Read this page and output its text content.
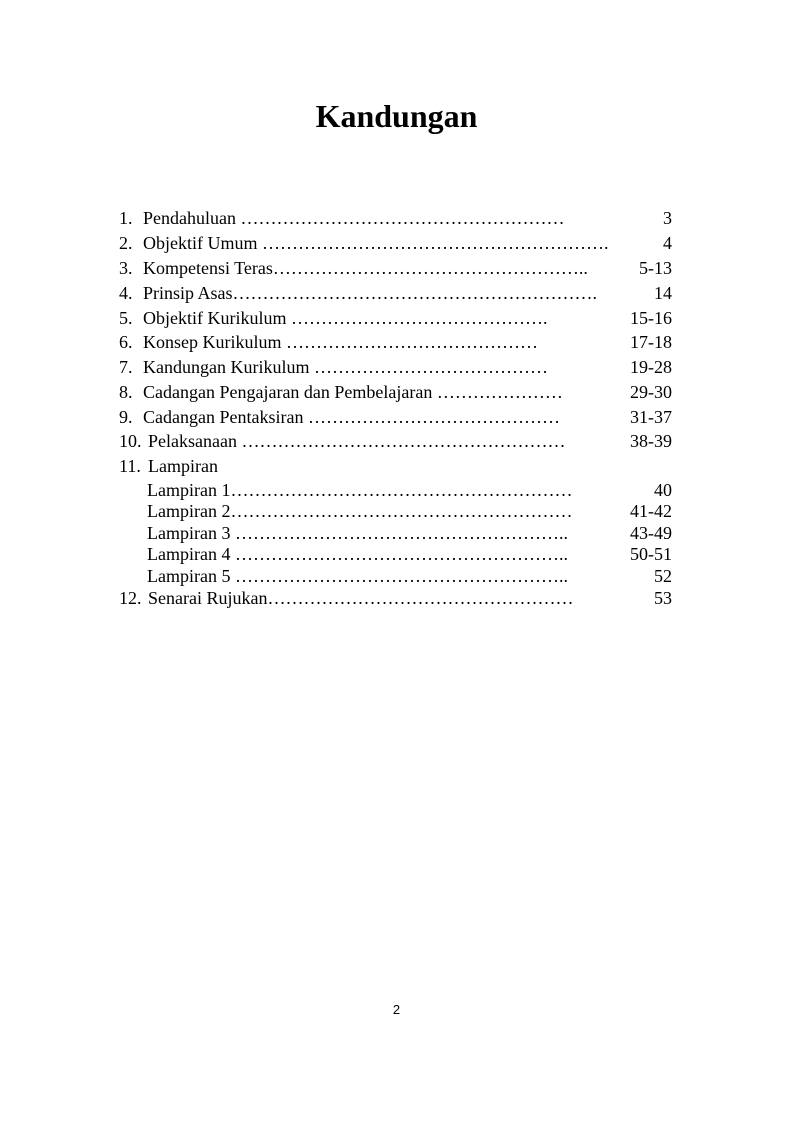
Kandungan
1. Pendahuluan ………………………………………………	3
2. Objektif Umum ………………………………………………….	4
3. Kompetensi Teras……………………………………………..	5-13
4. Prinsip Asas…………………………………………………….	14
5. Objektif Kurikulum …………………………………….	15-16
6. Konsep Kurikulum ……………………………………	17-18
7. Kandungan Kurikulum …………………………………	19-28
8. Cadangan Pengajaran dan Pembelajaran …………………	29-30
9. Cadangan Pentaksiran ……………………………………	31-37
10. Pelaksanaan ………………………………………………	38-39
11. Lampiran
Lampiran 1…………………………………………………	40
Lampiran 2…………………………………………………	41-42
Lampiran 3 ………………………………………………..	43-49
Lampiran 4 ………………………………………………..	50-51
Lampiran 5 ………………………………………………..	52
12. Senarai Rujukan……………………………………………	53
2
